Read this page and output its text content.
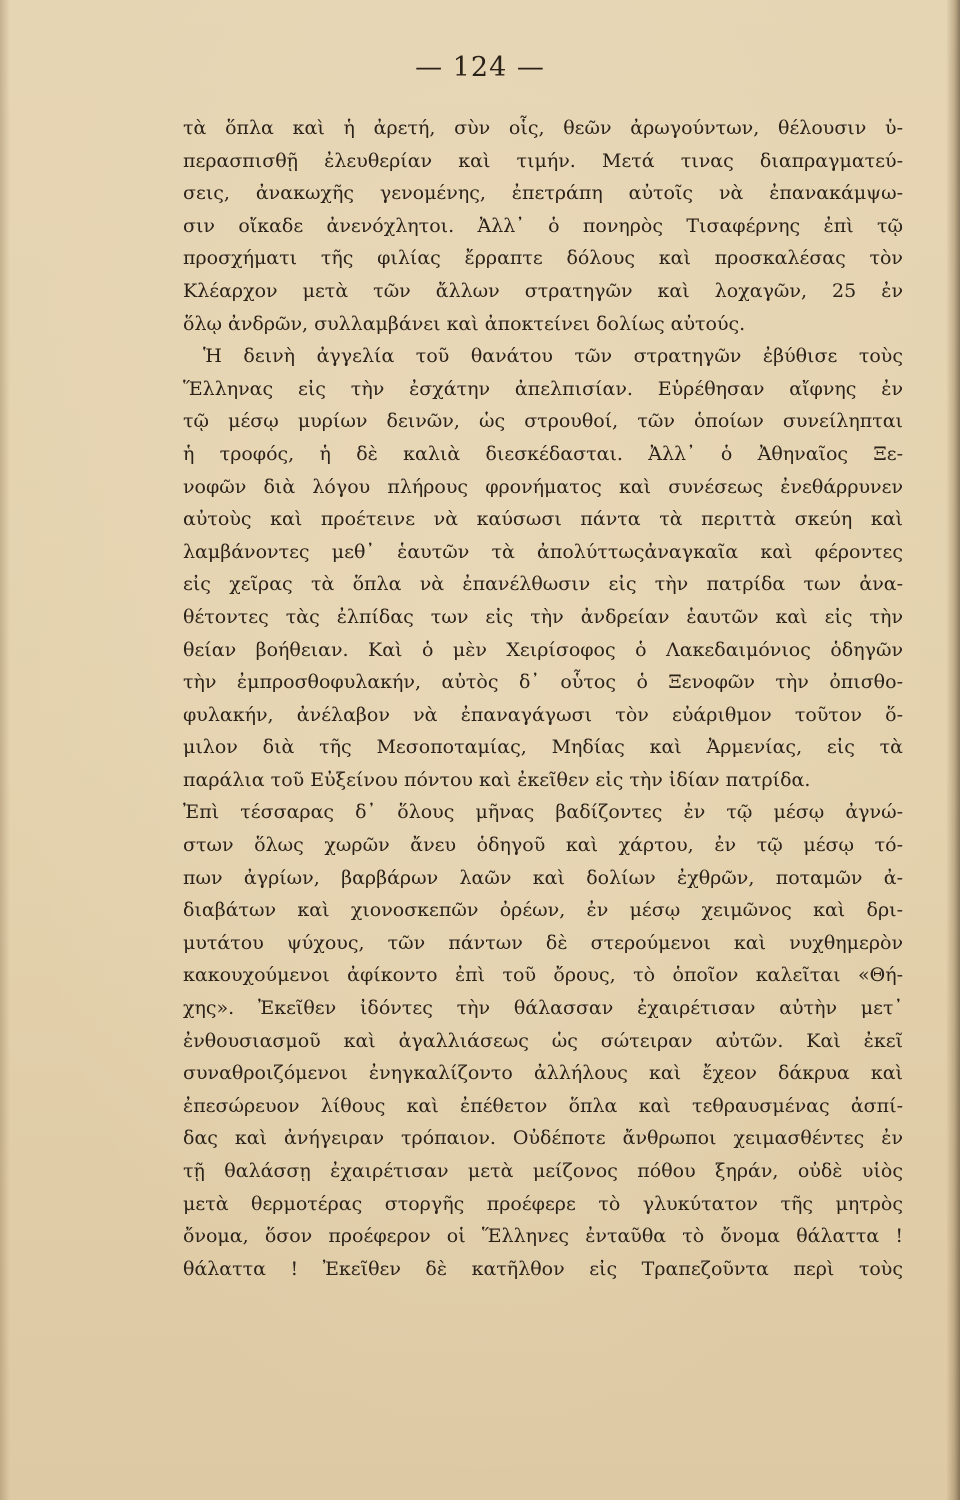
— 124 —
τὰ ὅπλα καὶ ἡ ἀρετή, σὺν οἷς, θεῶν ἀρωγούντων, θέλουσιν ὑ-
περασπισθῇ ἐλευθερίαν καὶ τιμήν. Μετά τινας διαπραγματεύ-
σεις, ἀνακωχῆς γενομένης, ἐπετράπη αὐτοῖς νὰ ἐπανακάμψω-
σιν οἴκαδε ἀνενόχλητοι. Ἀλλ᾽ ὁ πονηρὸς Τισαφέρνης ἐπὶ τῷ
προσχήματι τῆς φιλίας ἔρραπτε δόλους καὶ προσκαλέσας τὸν
Κλέαρχον μετὰ τῶν ἄλλων στρατηγῶν καὶ λοχαγῶν, 25 ἐν
ὅλῳ ἀνδρῶν, συλλαμβάνει καὶ ἀποκτείνει δολίως αὐτούς.
Ἡ δεινὴ ἀγγελία τοῦ θανάτου τῶν στρατηγῶν ἐβύθισε τοὺς
Ἕλληνας εἰς τὴν ἐσχάτην ἀπελπισίαν. Εὑρέθησαν αἴφνης ἐν
τῷ μέσῳ μυρίων δεινῶν, ὡς στρουθοί, τῶν ὁποίων συνείληπται
ἡ τροφός, ἡ δὲ καλιὰ διεσκέδασται. Ἀλλ᾽ ὁ Ἀθηναῖος Ξε-
νοφῶν διὰ λόγου πλήρους φρονήματος καὶ συνέσεως ἐνεθάρρυνεν
αὐτοὺς καὶ προέτεινε νὰ καύσωσι πάντα τὰ περιττὰ σκεύη καὶ
λαμβάνοντες μεθ᾽ ἑαυτῶν τὰ ἀπολύττωςἀναγκαῖα καὶ φέροντες
εἰς χεῖρας τὰ ὅπλα νὰ ἐπανέλθωσιν εἰς τὴν πατρίδα των ἀνα-
θέτοντες τὰς ἐλπίδας των εἰς τὴν ἀνδρείαν ἑαυτῶν καὶ εἰς τὴν
θείαν βοήθειαν. Καὶ ὁ μὲν Χειρίσοφος ὁ Λακεδαιμόνιος ὁδηγῶν
τὴν ἐμπροσθοφυλακήν, αὐτὸς δ᾽ οὗτος ὁ Ξενοφῶν τὴν ὀπισθο-
φυλακήν, ἀνέλαβον νὰ ἐπαναγάγωσι τὸν εὐάριθμον τοῦτον ὅ-
μιλον διὰ τῆς Μεσοποταμίας, Μηδίας καὶ Ἀρμενίας, εἰς τὰ
παράλια τοῦ Εὐξείνου πόντου καὶ ἐκεῖθεν εἰς τὴν ἰδίαν πατρίδα.
Ἐπὶ τέσσαρας δ᾽ ὅλους μῆνας βαδίζοντες ἐν τῷ μέσῳ ἀγνώ-
στων ὅλως χωρῶν ἄνευ ὁδηγοῦ καὶ χάρτου, ἐν τῷ μέσῳ τό-
πων ἀγρίων, βαρβάρων λαῶν καὶ δολίων ἐχθρῶν, ποταμῶν ἀ-
διαβάτων καὶ χιονοσκεπῶν ὀρέων, ἐν μέσῳ χειμῶνος καὶ δρι-
μυτάτου ψύχους, τῶν πάντων δὲ στερούμενοι καὶ νυχθημερὸν
κακουχούμενοι ἀφίκοντο ἐπὶ τοῦ ὄρους, τὸ ὁποῖον καλεῖται «Θή-
χης». Ἐκεῖθεν ἰδόντες τὴν θάλασσαν ἐχαιρέτισαν αὐτὴν μετ᾽
ἐνθουσιασμοῦ καὶ ἀγαλλιάσεως ὡς σώτειραν αὐτῶν. Καὶ ἐκεῖ
συναθροιζόμενοι ἐνηγκαλίζοντο ἀλλήλους καὶ ἔχεον δάκρυα καὶ
ἐπεσώρευον λίθους καὶ ἐπέθετον ὅπλα καὶ τεθραυσμένας ἀσπί-
δας καὶ ἀνήγειραν τρόπαιον. Οὐδέποτε ἄνθρωποι χειμασθέντες ἐν
τῇ θαλάσσῃ ἐχαιρέτισαν μετὰ μείζονος πόθου ξηράν, οὐδὲ υἱὸς
μετὰ θερμοτέρας στοργῆς προέφερε τὸ γλυκύτατον τῆς μητρὸς
ὄνομα, ὅσον προέφερον οἱ Ἕλληνες ἐνταῦθα τὸ ὄνομα θάλαττα !
θάλαττα ! Ἐκεῖθεν δὲ κατῆλθον εἰς Τραπεζοῦντα περὶ τοὺς
